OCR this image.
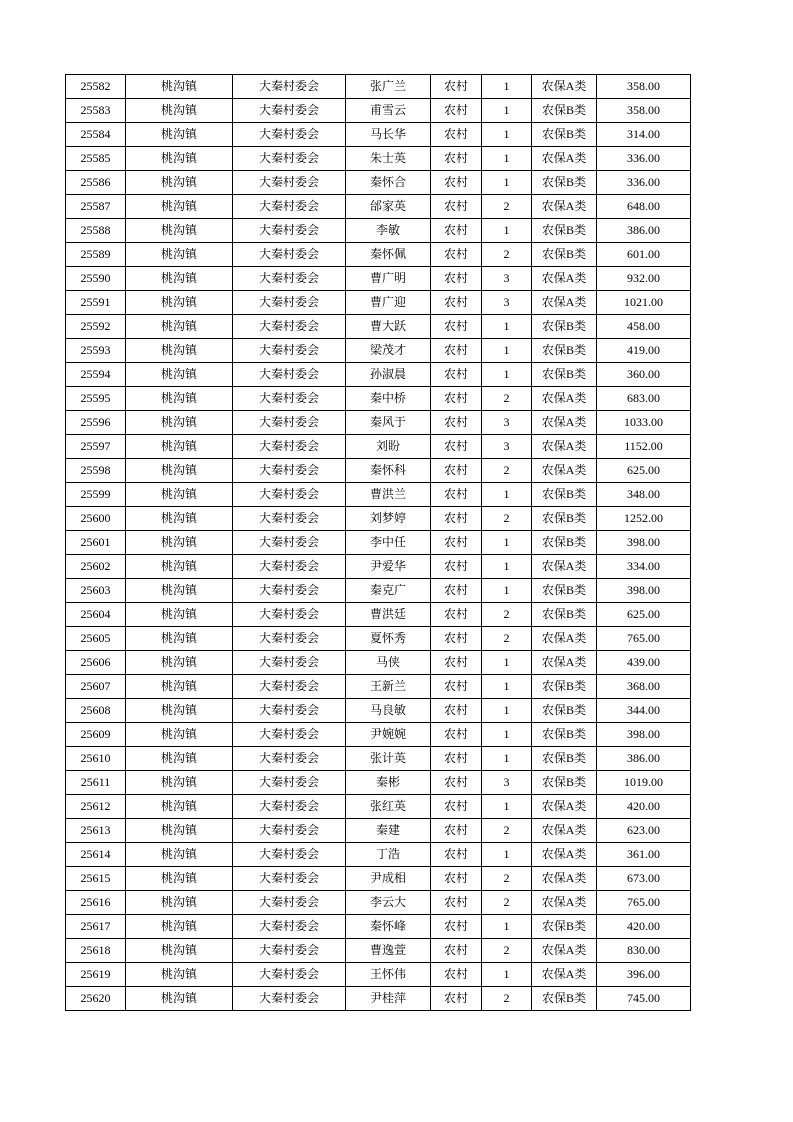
25582	桃沟镇	大秦村委会	张广兰	农村	1	农保A类	358.00
25583	桃沟镇	大秦村委会	甫雪云	农村	1	农保B类	358.00
25584	桃沟镇	大秦村委会	马长华	农村	1	农保B类	314.00
25585	桃沟镇	大秦村委会	朱士英	农村	1	农保A类	336.00
25586	桃沟镇	大秦村委会	秦怀合	农村	1	农保B类	336.00
25587	桃沟镇	大秦村委会	邰家英	农村	2	农保A类	648.00
25588	桃沟镇	大秦村委会	李敏	农村	1	农保B类	386.00
25589	桃沟镇	大秦村委会	秦怀佩	农村	2	农保B类	601.00
25590	桃沟镇	大秦村委会	曹广明	农村	3	农保A类	932.00
25591	桃沟镇	大秦村委会	曹广迎	农村	3	农保A类	1021.00
25592	桃沟镇	大秦村委会	曹大跃	农村	1	农保B类	458.00
25593	桃沟镇	大秦村委会	梁茂才	农村	1	农保B类	419.00
25594	桃沟镇	大秦村委会	孙淑晨	农村	1	农保B类	360.00
25595	桃沟镇	大秦村委会	秦中桥	农村	2	农保A类	683.00
25596	桃沟镇	大秦村委会	秦风于	农村	3	农保A类	1033.00
25597	桃沟镇	大秦村委会	刘盼	农村	3	农保A类	1152.00
25598	桃沟镇	大秦村委会	秦怀科	农村	2	农保A类	625.00
25599	桃沟镇	大秦村委会	曹洪兰	农村	1	农保B类	348.00
25600	桃沟镇	大秦村委会	刘梦婷	农村	2	农保B类	1252.00
25601	桃沟镇	大秦村委会	李中任	农村	1	农保B类	398.00
25602	桃沟镇	大秦村委会	尹爱华	农村	1	农保A类	334.00
25603	桃沟镇	大秦村委会	秦克广	农村	1	农保B类	398.00
25604	桃沟镇	大秦村委会	曹洪廷	农村	2	农保B类	625.00
25605	桃沟镇	大秦村委会	夏怀秀	农村	2	农保A类	765.00
25606	桃沟镇	大秦村委会	马侠	农村	1	农保A类	439.00
25607	桃沟镇	大秦村委会	王新兰	农村	1	农保B类	368.00
25608	桃沟镇	大秦村委会	马良敏	农村	1	农保B类	344.00
25609	桃沟镇	大秦村委会	尹婉婉	农村	1	农保B类	398.00
25610	桃沟镇	大秦村委会	张计英	农村	1	农保B类	386.00
25611	桃沟镇	大秦村委会	秦彬	农村	3	农保B类	1019.00
25612	桃沟镇	大秦村委会	张红英	农村	1	农保A类	420.00
25613	桃沟镇	大秦村委会	秦建	农村	2	农保A类	623.00
25614	桃沟镇	大秦村委会	丁浩	农村	1	农保A类	361.00
25615	桃沟镇	大秦村委会	尹成相	农村	2	农保A类	673.00
25616	桃沟镇	大秦村委会	李云大	农村	2	农保A类	765.00
25617	桃沟镇	大秦村委会	秦怀峰	农村	1	农保B类	420.00
25618	桃沟镇	大秦村委会	曹逸萱	农村	2	农保A类	830.00
25619	桃沟镇	大秦村委会	王怀伟	农村	1	农保A类	396.00
25620	桃沟镇	大秦村委会	尹桂萍	农村	2	农保B类	745.00
